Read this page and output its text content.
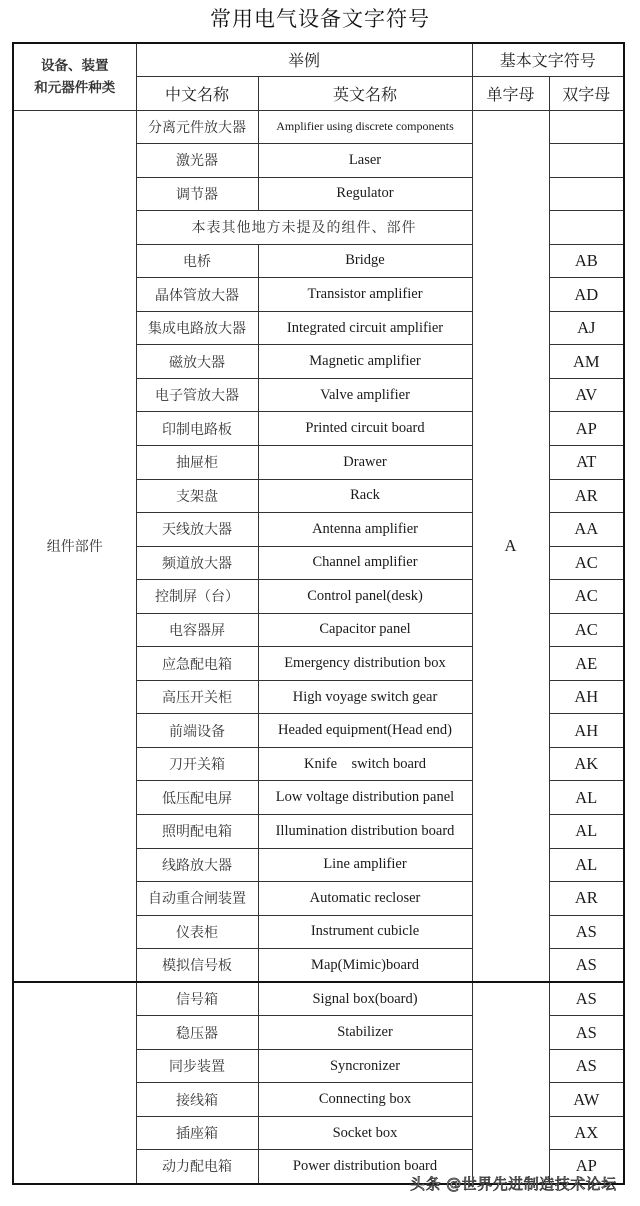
常用电气设备文字符号
设备、装置
和元器件种类	举例		基本文字符号	
	中文名称	英文名称	单字母	双字母
组件部件	分离元件放大器	Amplifier using discrete components	A	
	激光器	Laser		
	调节器	Regulator		
	本表其他地方未提及的组件、部件			
	电桥	Bridge		AB
	晶体管放大器	Transistor amplifier		AD
	集成电路放大器	Integrated circuit amplifier		AJ
	磁放大器	Magnetic amplifier		AM
	电子管放大器	Valve amplifier		AV
	印制电路板	Printed circuit board		AP
	抽屉柜	Drawer		AT
	支架盘	Rack		AR
	天线放大器	Antenna amplifier		AA
	频道放大器	Channel amplifier		AC
	控制屏（台）	Control panel(desk)		AC
	电容器屏	Capacitor panel		AC
	应急配电箱	Emergency distribution box		AE
	高压开关柜	High voyage switch gear		AH
	前端设备	Headed equipment(Head end)		AH
	刀开关箱	Knife    switch board		AK
	低压配电屏	Low voltage distribution panel		AL
	照明配电箱	Illumination distribution board		AL
	线路放大器	Line amplifier		AL
	自动重合闸装置	Automatic recloser		AR
	仪表柜	Instrument cubicle		AS
	模拟信号板	Map(Mimic)board		AS
	信号箱	Signal box(board)		AS
	稳压器	Stabilizer		AS
	同步装置	Syncronizer		AS
	接线箱	Connecting box		AW
	插座箱	Socket box		AX
	动力配电箱	Power distribution board		AP
头条 @世界先进制造技术论坛
